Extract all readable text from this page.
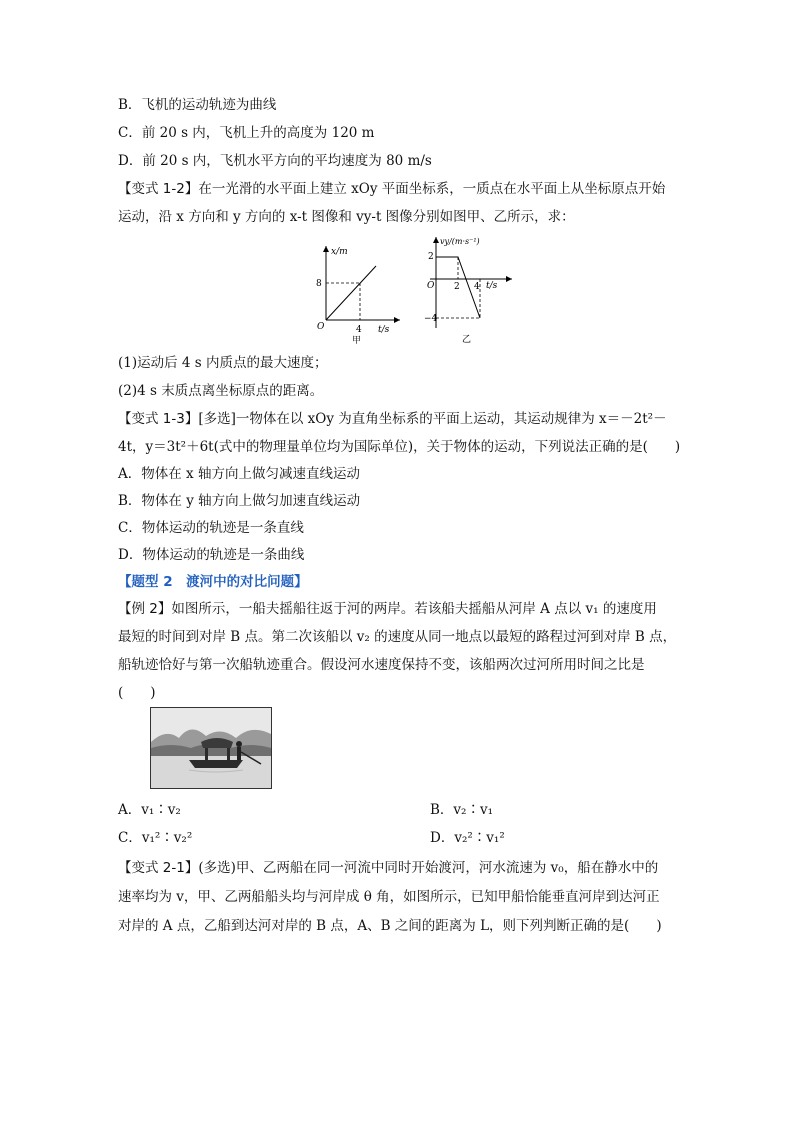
B．飞机的运动轨迹为曲线
C．前 20 s 内，飞机上升的高度为 120 m
D．前 20 s 内，飞机水平方向的平均速度为 80 m/s
【变式 1-2】在一光滑的水平面上建立 xOy 平面坐标系，一质点在水平面上从坐标原点开始
运动，沿 x 方向和 y 方向的 x-t 图像和 vy-t 图像分别如图甲、乙所示，求：
x/m
t/s
O
8
4
甲
vy/(m·s⁻¹)
2
−4
O 2 4 t/s
乙
(1)运动后 4 s 内质点的最大速度；
(2)4 s 末质点离坐标原点的距离。
【变式 1-3】[多选]一物体在以 xOy 为直角坐标系的平面上运动，其运动规律为 x＝－2t²－
4t，y＝3t²＋6t(式中的物理量单位均为国际单位)，关于物体的运动，下列说法正确的是(　　)
A．物体在 x 轴方向上做匀减速直线运动
B．物体在 y 轴方向上做匀加速直线运动
C．物体运动的轨迹是一条直线
D．物体运动的轨迹是一条曲线
【题型 2　渡河中的对比问题】
【例 2】如图所示，一船夫摇船往返于河的两岸。若该船夫摇船从河岸 A 点以 v₁ 的速度用
最短的时间到对岸 B 点。第二次该船以 v₂ 的速度从同一地点以最短的路程过河到对岸 B 点，
船轨迹恰好与第一次船轨迹重合。假设河水速度保持不变，该船两次过河所用时间之比是
(　　)
A．v₁∶v₂	B．v₂∶v₁
C．v₁²∶v₂²	D．v₂²∶v₁²
【变式 2-1】(多选)甲、乙两船在同一河流中同时开始渡河，河水流速为 v₀，船在静水中的
速率均为 v，甲、乙两船船头均与河岸成 θ 角，如图所示，已知甲船恰能垂直河岸到达河正
对岸的 A 点，乙船到达河对岸的 B 点，A、B 之间的距离为 L，则下列判断正确的是(　　)
